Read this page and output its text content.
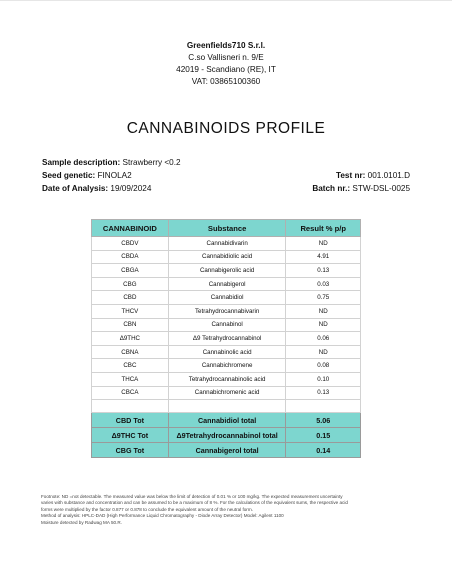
Greenfields710 S.r.l.
C.so Vallisneri n. 9/E
42019 - Scandiano (RE), IT
VAT: 03865100360
CANNABINOIDS PROFILE
Sample description: Strawberry <0.2
Seed genetic: FINOLA2	Test nr: 001.0101.D
Date of Analysis: 19/09/2024	Batch nr.: STW-DSL-0025
CANNABINOID	Substance	Result % p/p
CBDV	Cannabidivarin	ND
CBDA	Cannabidiolic acid	4.91
CBGA	Cannabigerolic acid	0.13
CBG	Cannabigerol	0.03
CBD	Cannabidiol	0.75
THCV	Tetrahydrocannabivarin	ND
CBN	Cannabinol	ND
Δ9THC	Δ9 Tetrahydrocannabinol	0.06
CBNA	Cannabinolic acid	ND
CBC	Cannabichromene	0.08
THCA	Tetrahydrocannabinolic acid	0.10
CBCA	Cannabichromenic acid	0.13

CBD Tot	Cannabidiol total	5.06
Δ9THC Tot	Δ9Tetrahydrocannabinol total	0.15
CBG Tot	Cannabigerol total	0.14
Footnote: ND =not detectable. The measured value was below the limit of detection of 0.01 % or 100 mg/kg. The expected measurement uncertainty
varies with substance and concentration and can be assumed to be a maximum of 8 %. For the calculations of the equivalent sums, the respective acid
forms were multiplied by the factor 0.877 or 0.878 to conclude the equivalent amount of the neutral form.
Method of analysis: HPLC-DAD (High Performance Liquid Chromatography - Diode Array Detector) Model: Agilent 1100
Moisture detected by Radwag MA 50.R.
